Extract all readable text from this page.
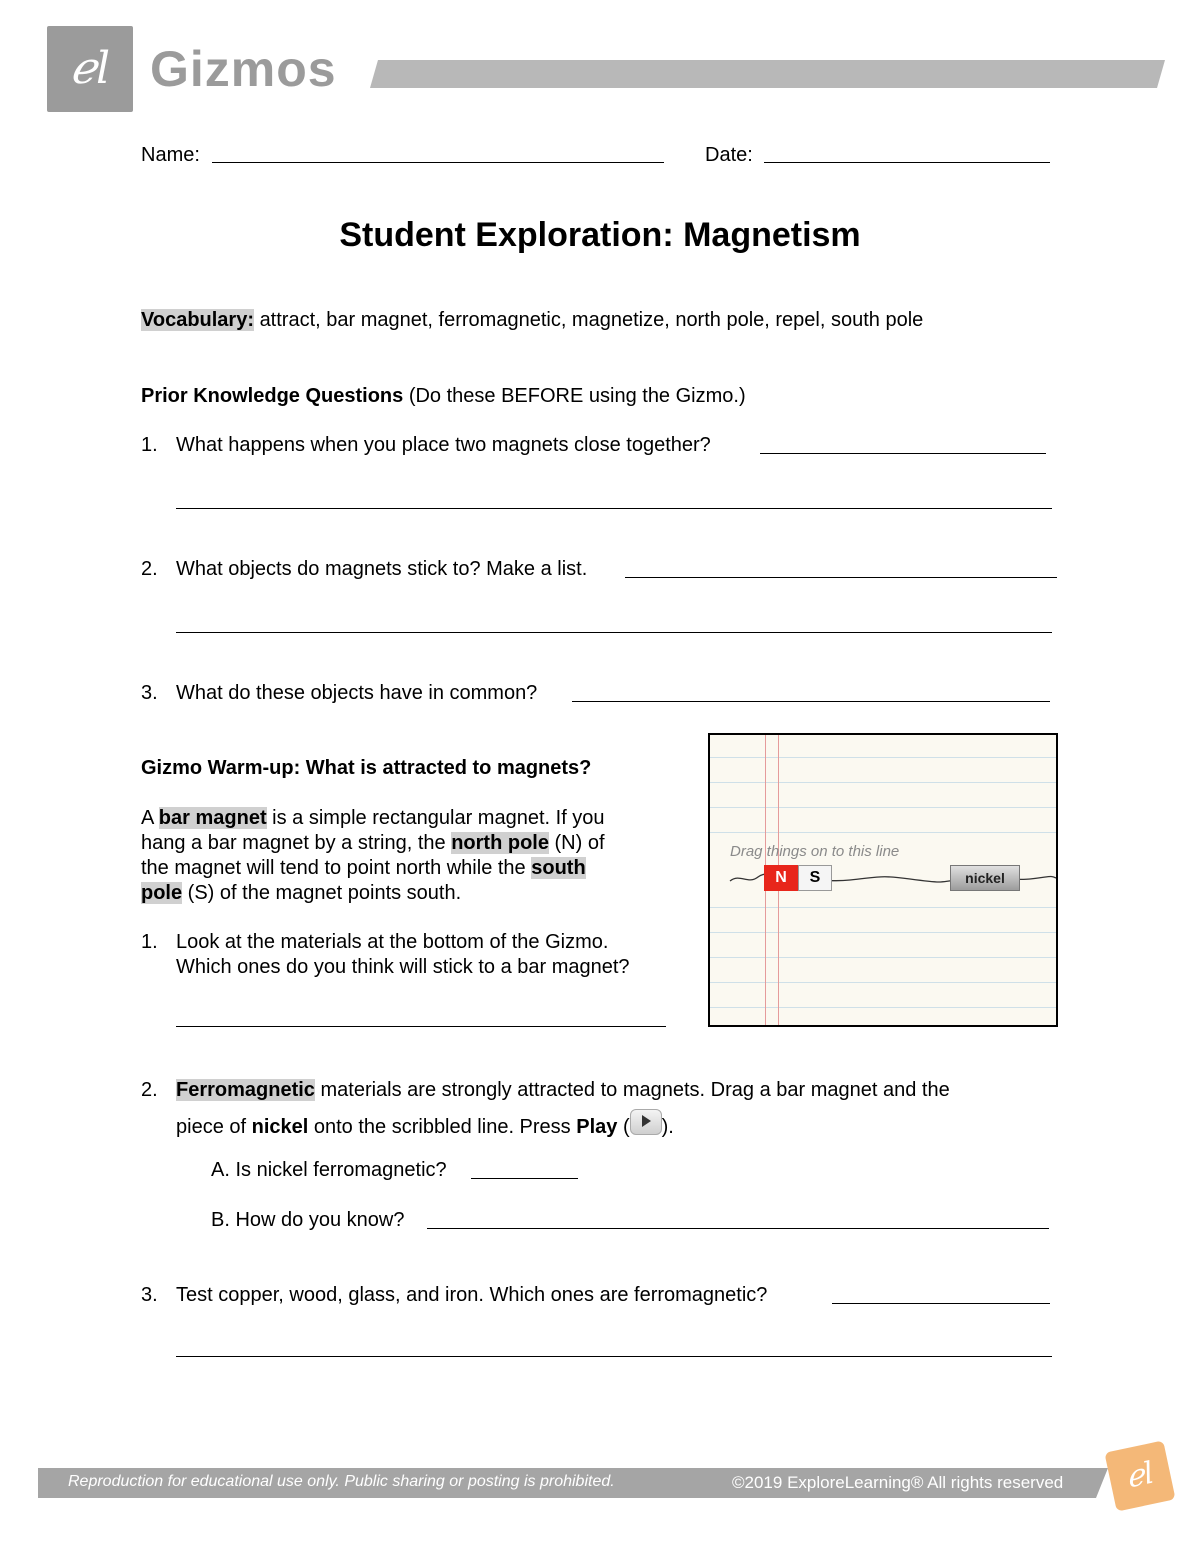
ℯl Gizmos
Name:	Date:
Student Exploration: Magnetism
Vocabulary: attract, bar magnet, ferromagnetic, magnetize, north pole, repel, south pole
Prior Knowledge Questions (Do these BEFORE using the Gizmo.)
1. What happens when you place two magnets close together?
2. What objects do magnets stick to? Make a list.
3. What do these objects have in common?
Gizmo Warm-up: What is attracted to magnets?
A bar magnet is a simple rectangular magnet. If you
hang a bar magnet by a string, the north pole (N) of
the magnet will tend to point north while the south
pole (S) of the magnet points south.
1. Look at the materials at the bottom of the Gizmo.
Which ones do you think will stick to a bar magnet?
Drag things on to this line
N	S	nickel
2. Ferromagnetic materials are strongly attracted to magnets. Drag a bar magnet and the
piece of nickel onto the scribbled line. Press Play ( ).
A. Is nickel ferromagnetic?
B. How do you know?
3. Test copper, wood, glass, and iron. Which ones are ferromagnetic?
Reproduction for educational use only. Public sharing or posting is prohibited.	©2019 ExploreLearning® All rights reserved	ℯl
